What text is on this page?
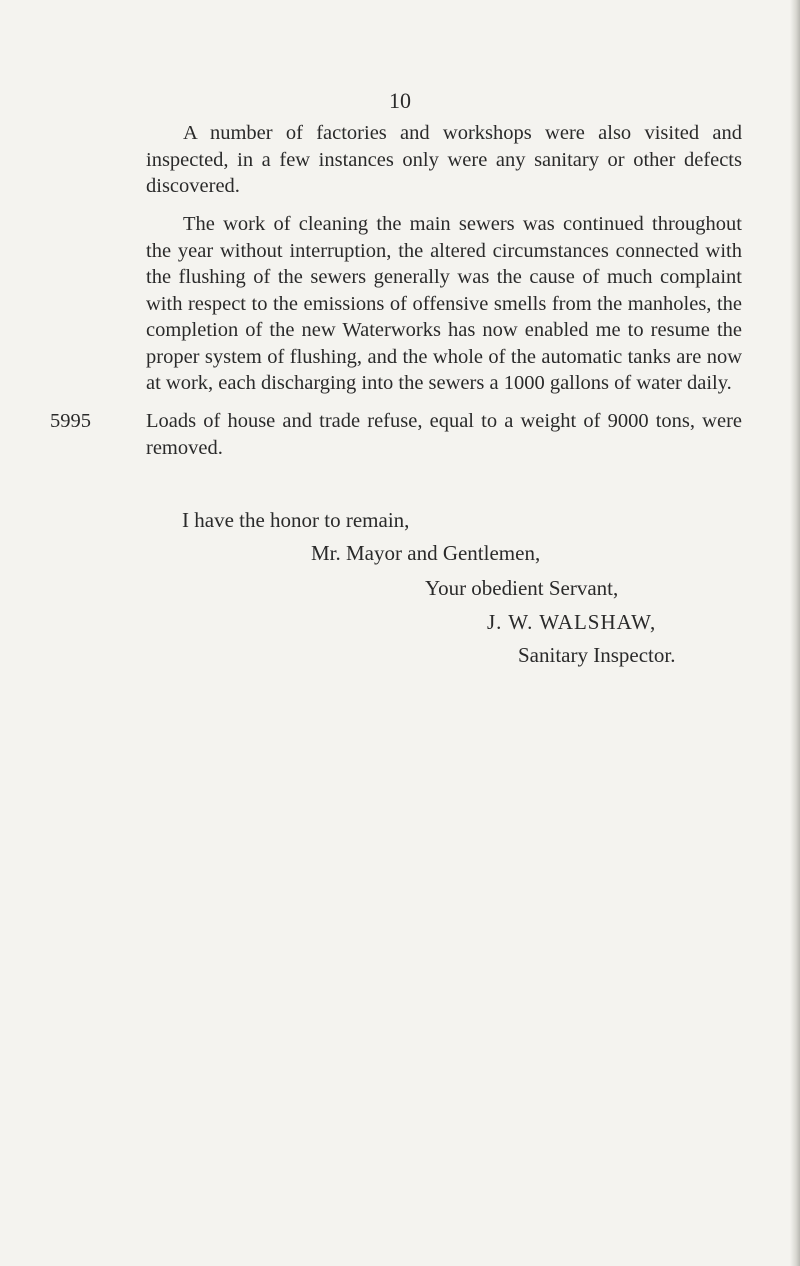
10

A number of factories and workshops were also visited and inspected, in a few instances only were any sanitary or other defects discovered.

The work of cleaning the main sewers was continued throughout the year without interruption, the altered circumstances connected with the flushing of the sewers generally was the cause of much complaint with respect to the emissions of offensive smells from the manholes, the completion of the new Waterworks has now enabled me to resume the proper system of flushing, and the whole of the automatic tanks are now at work, each discharging into the sewers a 1000 gallons of water daily.

5995	Loads of house and trade refuse, equal to a weight of 9000 tons, were removed.

I have the honor to remain,
Mr. Mayor and Gentlemen,
Your obedient Servant,
J. W. WALSHAW,
Sanitary Inspector.
